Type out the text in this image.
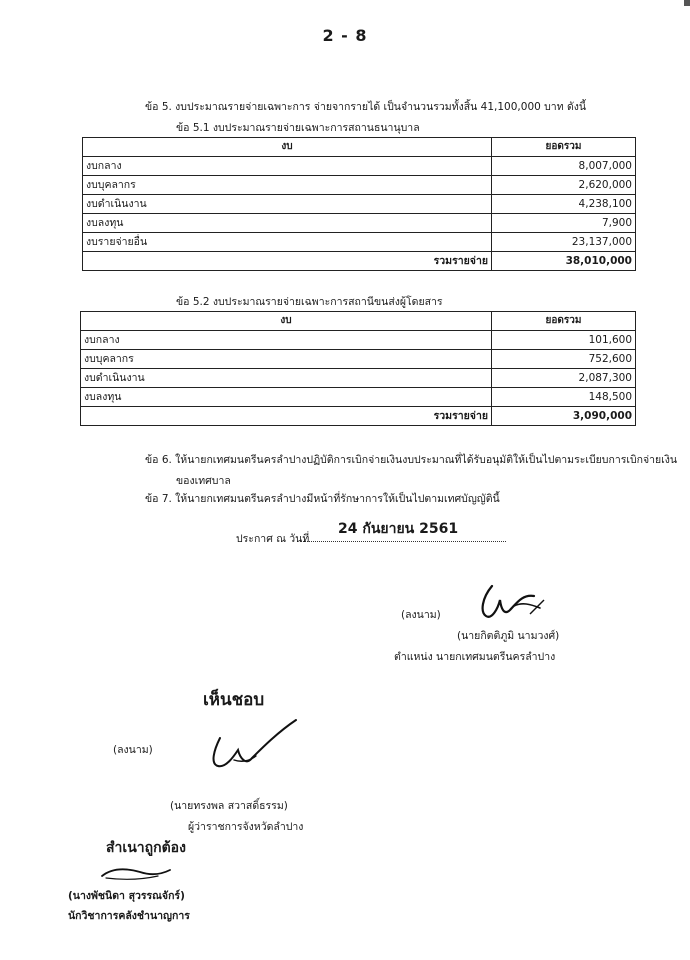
2 - 8
ข้อ 5. งบประมาณรายจ่ายเฉพาะการ จ่ายจากรายได้ เป็นจำนวนรวมทั้งสิ้น 41,100,000 บาท ดังนี้
ข้อ 5.1 งบประมาณรายจ่ายเฉพาะการสถานธนานุบาล
งบ	ยอดรวม
งบกลาง	8,007,000
งบบุคลากร	2,620,000
งบดำเนินงาน	4,238,100
งบลงทุน	7,900
งบรายจ่ายอื่น	23,137,000
รวมรายจ่าย	38,010,000
ข้อ 5.2 งบประมาณรายจ่ายเฉพาะการสถานีขนส่งผู้โดยสาร
งบ	ยอดรวม
งบกลาง	101,600
งบบุคลากร	752,600
งบดำเนินงาน	2,087,300
งบลงทุน	148,500
รวมรายจ่าย	3,090,000
ข้อ 6. ให้นายกเทศมนตรีนครลำปางปฏิบัติการเบิกจ่ายเงินงบประมาณที่ได้รับอนุมัติให้เป็นไปตามระเบียบการเบิกจ่ายเงิน
ของเทศบาล
ข้อ 7. ให้นายกเทศมนตรีนครลำปางมีหน้าที่รักษาการให้เป็นไปตามเทศบัญญัตินี้
ประกาศ ณ วันที่
24 กันยายน 2561
(ลงนาม)
(นายกิตติภูมิ นามวงศ์)
ตำแหน่ง นายกเทศมนตรีนครลำปาง
เห็นชอบ
(ลงนาม)
(นายทรงพล สวาสดิ์ธรรม)
ผู้ว่าราชการจังหวัดลำปาง
สำเนาถูกต้อง
(นางพัชนิดา สุวรรณจักร์)
นักวิชาการคลังชำนาญการ
